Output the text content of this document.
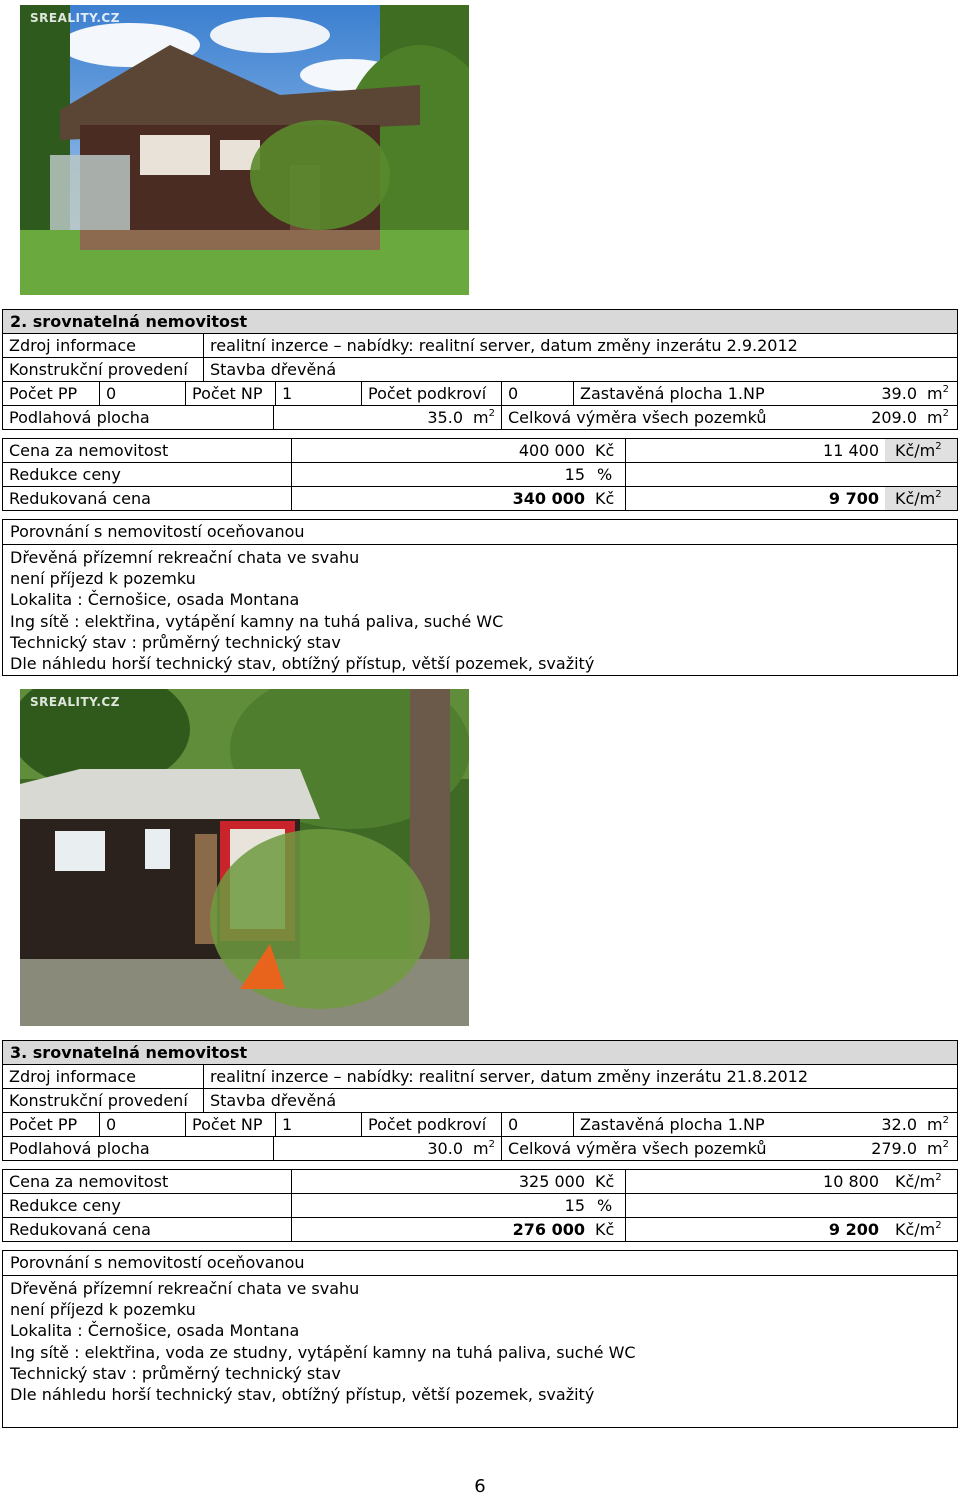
SREALITY.CZ
2. srovnatelná nemovitost
Zdroj informace	realitní inzerce – nabídky: realitní server, datum změny inzerátu 2.9.2012
Konstrukční provedení	Stavba dřevěná
Počet PP	0	Počet NP	1	Počet podkroví	0	Zastavěná plocha 1.NP	39.0 $m^2$
Podlahová plocha	35.0 $m^2$ Celková výměra všech pozemků	209.0 $m^2$
Cena za nemovitost	400 000 Kč	11 400	$Kč/m^2$
Redukce ceny	15 %
Redukovaná cena	340 000 Kč	9 700	$Kč/m^2$
Porovnání s nemovitostí oceňovanou
Dřevěná přízemní rekreační chata ve svahu
není příjezd k pozemku
Lokalita : Černošice, osada Montana
Ing sítě : elektřina, vytápění kamny na tuhá paliva, suché WC
Technický stav : průměrný technický stav
Dle náhledu horší technický stav, obtížný přístup, větší pozemek, svažitý
SREALITY.CZ
3. srovnatelná nemovitost
Zdroj informace	realitní inzerce – nabídky: realitní server, datum změny inzerátu 21.8.2012
Konstrukční provedení	Stavba dřevěná
Počet PP	0	Počet NP	1	Počet podkroví	0	Zastavěná plocha 1.NP	32.0 $m^2$
Podlahová plocha	30.0 $m^2$ Celková výměra všech pozemků	279.0 $m^2$
Cena za nemovitost	325 000 Kč	10 800	$Kč/m^2$
Redukce ceny	15 %
Redukovaná cena	276 000 Kč	9 200	$Kč/m^2$
Porovnání s nemovitostí oceňovanou
Dřevěná přízemní rekreační chata ve svahu
není příjezd k pozemku
Lokalita : Černošice, osada Montana
Ing sítě : elektřina, voda ze studny, vytápění kamny na tuhá paliva, suché WC
Technický stav : průměrný technický stav
Dle náhledu horší technický stav, obtížný přístup, větší pozemek, svažitý
6
